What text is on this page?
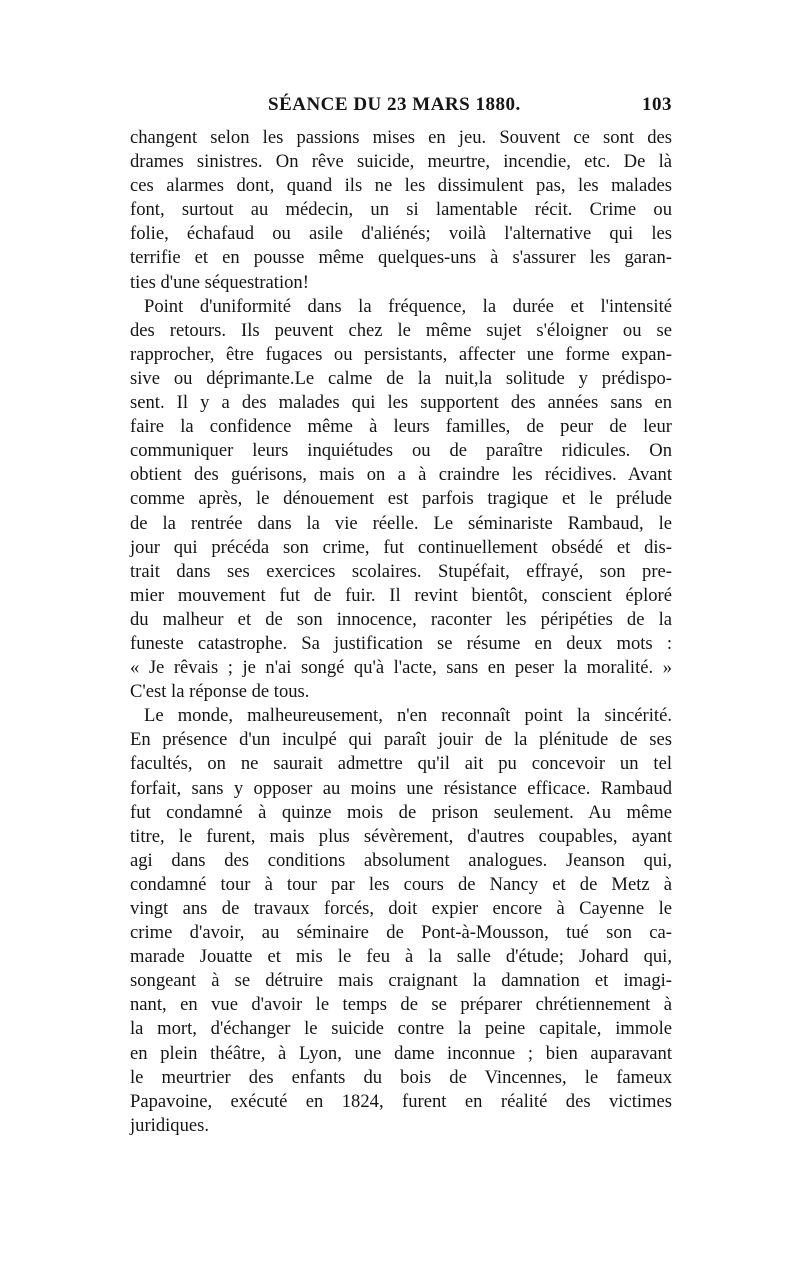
SÉANCE DU 23 MARS 1880.	103
changent selon les passions mises en jeu. Souvent ce sont des
drames sinistres. On rêve suicide, meurtre, incendie, etc. De là
ces alarmes dont, quand ils ne les dissimulent pas, les malades
font, surtout au médecin, un si lamentable récit. Crime ou
folie, échafaud ou asile d'aliénés; voilà l'alternative qui les
terrifie et en pousse même quelques-uns à s'assurer les garan-
ties d'une séquestration!
Point d'uniformité dans la fréquence, la durée et l'intensité
des retours. Ils peuvent chez le même sujet s'éloigner ou se
rapprocher, être fugaces ou persistants, affecter une forme expan-
sive ou déprimante.Le calme de la nuit,la solitude y prédispo-
sent. Il y a des malades qui les supportent des années sans en
faire la confidence même à leurs familles, de peur de leur
communiquer leurs inquiétudes ou de paraître ridicules. On
obtient des guérisons, mais on a à craindre les récidives. Avant
comme après, le dénouement est parfois tragique et le prélude
de la rentrée dans la vie réelle. Le séminariste Rambaud, le
jour qui précéda son crime, fut continuellement obsédé et dis-
trait dans ses exercices scolaires. Stupéfait, effrayé, son pre-
mier mouvement fut de fuir. Il revint bientôt, conscient éploré
du malheur et de son innocence, raconter les péripéties de la
funeste catastrophe. Sa justification se résume en deux mots :
« Je rêvais ; je n'ai songé qu'à l'acte, sans en peser la moralité. »
C'est la réponse de tous.
Le monde, malheureusement, n'en reconnaît point la sincérité.
En présence d'un inculpé qui paraît jouir de la plénitude de ses
facultés, on ne saurait admettre qu'il ait pu concevoir un tel
forfait, sans y opposer au moins une résistance efficace. Rambaud
fut condamné à quinze mois de prison seulement. Au même
titre, le furent, mais plus sévèrement, d'autres coupables, ayant
agi dans des conditions absolument analogues. Jeanson qui,
condamné tour à tour par les cours de Nancy et de Metz à
vingt ans de travaux forcés, doit expier encore à Cayenne le
crime d'avoir, au séminaire de Pont-à-Mousson, tué son ca-
marade Jouatte et mis le feu à la salle d'étude; Johard qui,
songeant à se détruire mais craignant la damnation et imagi-
nant, en vue d'avoir le temps de se préparer chrétiennement à
la mort, d'échanger le suicide contre la peine capitale, immole
en plein théâtre, à Lyon, une dame inconnue ; bien auparavant
le meurtrier des enfants du bois de Vincennes, le fameux
Papavoine, exécuté en 1824, furent en réalité des victimes
juridiques.
